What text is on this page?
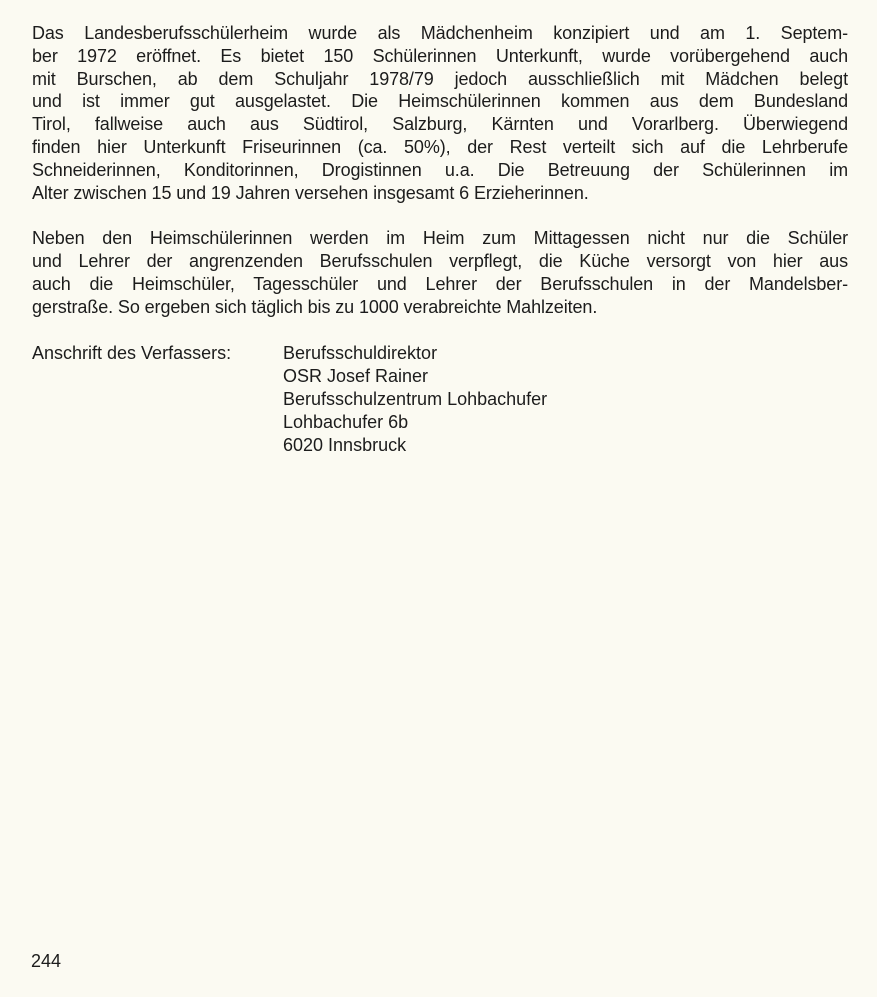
Das Landesberufsschülerheim wurde als Mädchenheim konzipiert und am 1. Septem-
ber 1972 eröffnet. Es bietet 150 Schülerinnen Unterkunft, wurde vorübergehend auch
mit Burschen, ab dem Schuljahr 1978/79 jedoch ausschließlich mit Mädchen belegt
und ist immer gut ausgelastet. Die Heimschülerinnen kommen aus dem Bundesland
Tirol, fallweise auch aus Südtirol, Salzburg, Kärnten und Vorarlberg. Überwiegend
finden hier Unterkunft Friseurinnen (ca. 50%), der Rest verteilt sich auf die Lehrberufe
Schneiderinnen, Konditorinnen, Drogistinnen u.a. Die Betreuung der Schülerinnen im
Alter zwischen 15 und 19 Jahren versehen insgesamt 6 Erzieherinnen.

Neben den Heimschülerinnen werden im Heim zum Mittagessen nicht nur die Schüler
und Lehrer der angrenzenden Berufsschulen verpflegt, die Küche versorgt von hier aus
auch die Heimschüler, Tagesschüler und Lehrer der Berufsschulen in der Mandelsber-
gerstraße. So ergeben sich täglich bis zu 1000 verabreichte Mahlzeiten.

Anschrift des Verfassers:	Berufsschuldirektor
OSR Josef Rainer
Berufsschulzentrum Lohbachufer
Lohbachufer 6b
6020 Innsbruck
244
